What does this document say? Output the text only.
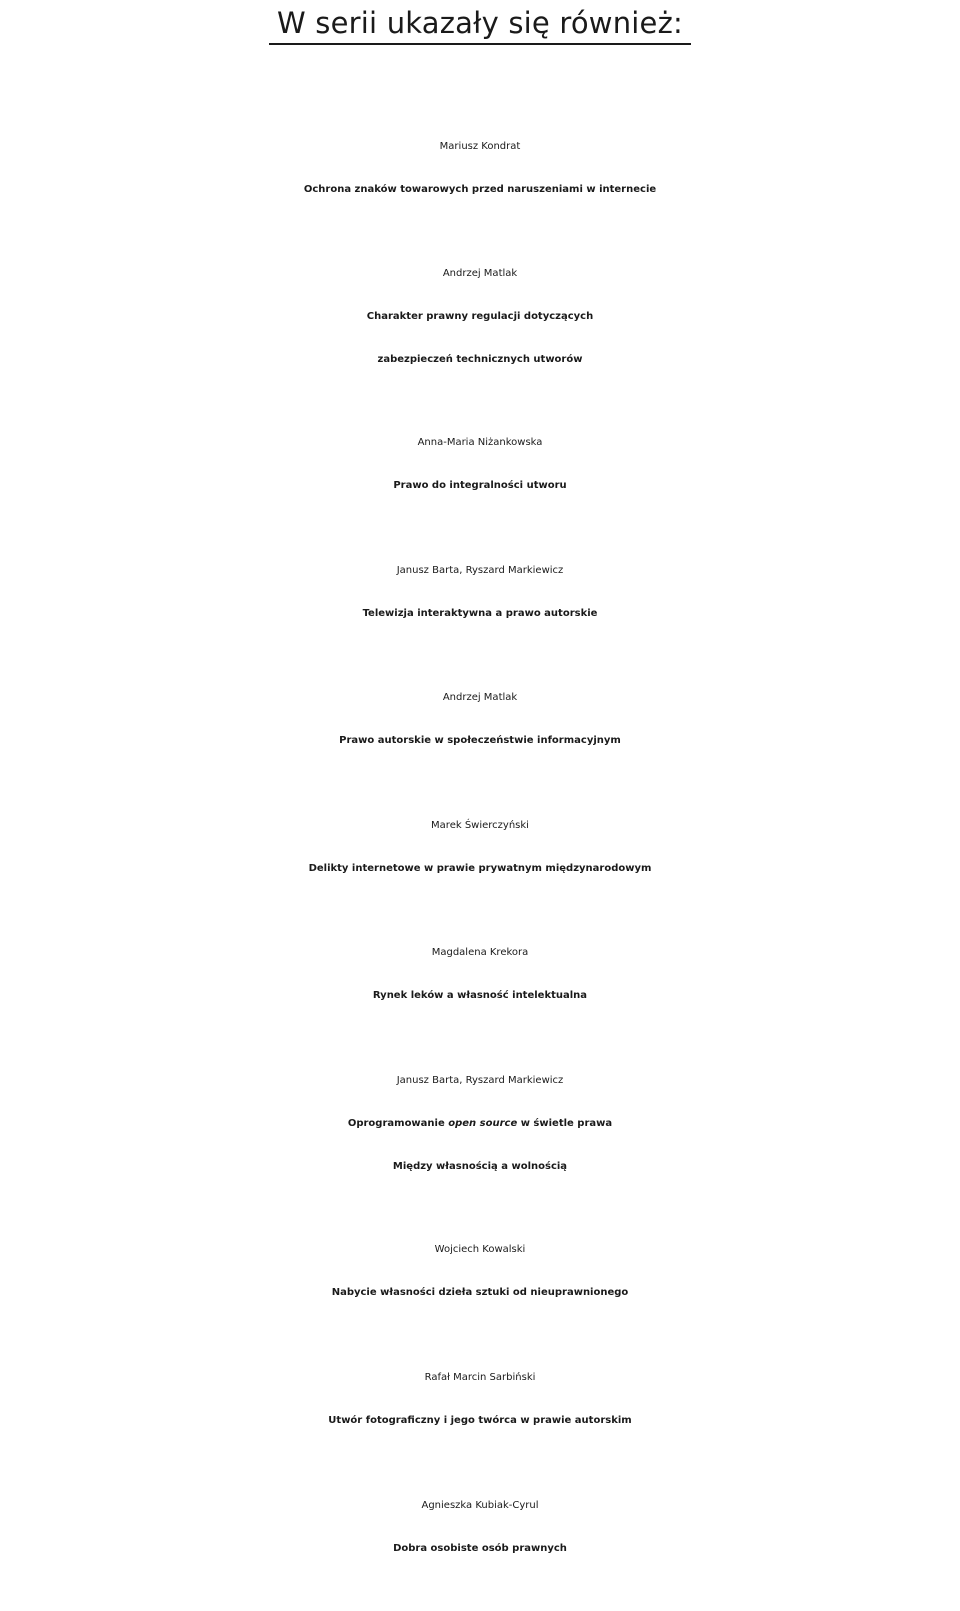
W serii ukazały się również:
Mariusz Kondrat
Ochrona znaków towarowych przed naruszeniami w internecie
Andrzej Matlak
Charakter prawny regulacji dotyczących
zabezpieczeń technicznych utworów
Anna-Maria Niżankowska
Prawo do integralności utworu
Janusz Barta, Ryszard Markiewicz
Telewizja interaktywna a prawo autorskie
Andrzej Matlak
Prawo autorskie w społeczeństwie informacyjnym
Marek Świerczyński
Delikty internetowe w prawie prywatnym międzynarodowym
Magdalena Krekora
Rynek leków a własność intelektualna
Janusz Barta, Ryszard Markiewicz
Oprogramowanie open source w świetle prawa
Między własnością a wolnością
Wojciech Kowalski
Nabycie własności dzieła sztuki od nieuprawnionego
Rafał Marcin Sarbiński
Utwór fotograficzny i jego twórca w prawie autorskim
Agnieszka Kubiak-Cyrul
Dobra osobiste osób prawnych
